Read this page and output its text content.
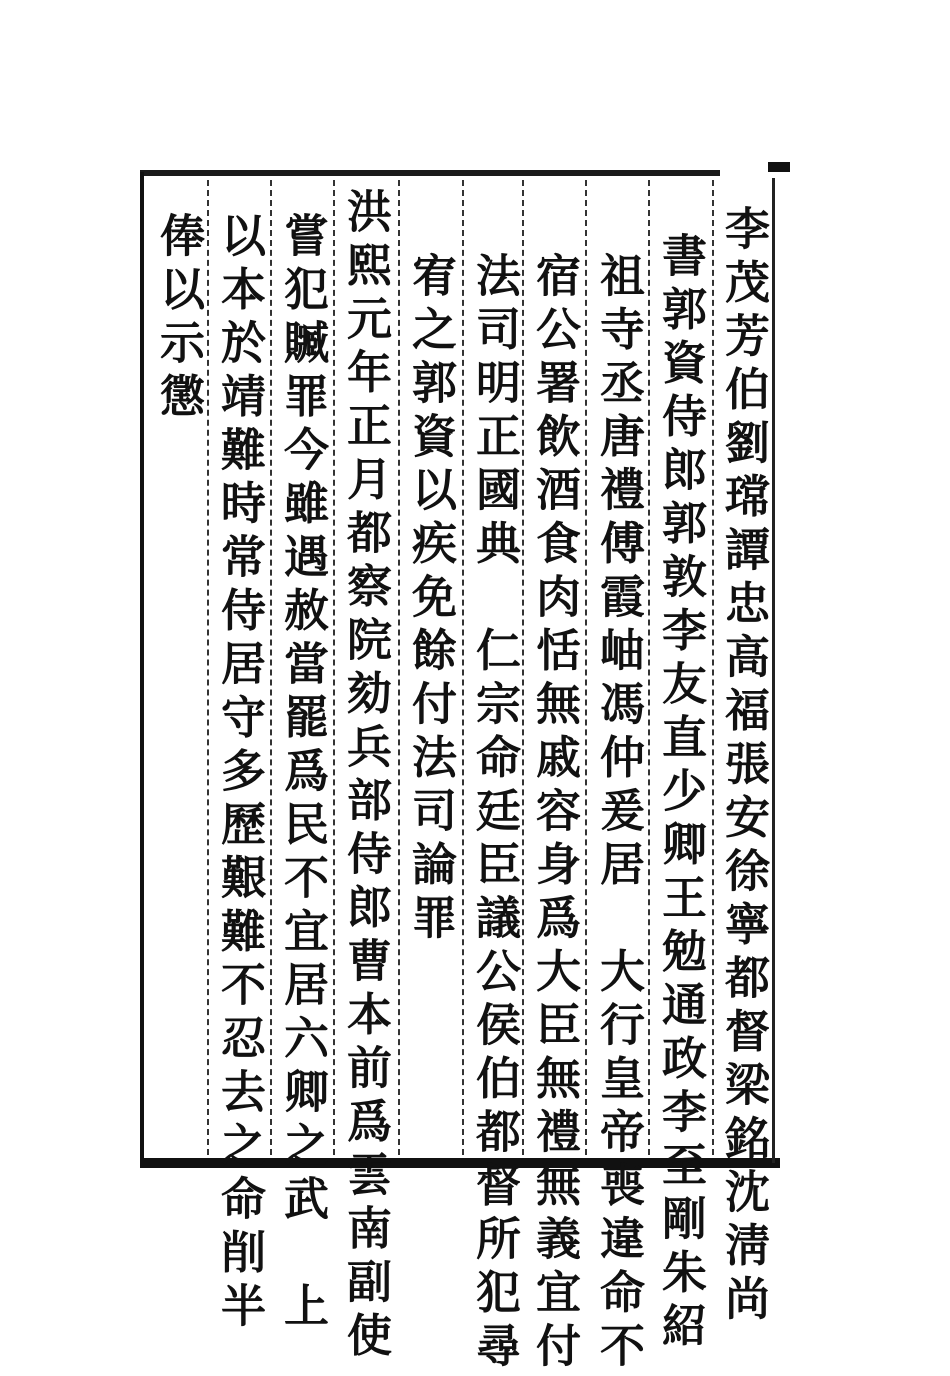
李茂芳伯劉瑺譚忠高福張安徐寧都督梁銘沈淸尚
書郭資侍郎郭敦李友直少卿王勉通政李至剛朱紹
祖寺丞唐禮傅霞岫馮仲爰居　大行皇帝喪違命不
宿公署飲酒食肉恬無戚容身爲大臣無禮無義宜付
法司明正國典　仁宗命廷臣議公侯伯都督所犯尋
宥之郭資以疾免餘付法司論罪
洪熙元年正月都察院劾兵部侍郎曹本前爲雲南副使
嘗犯贓罪今雖遇赦當罷爲民不宜居六卿之武　上
以本於靖難時常侍居守多歷艱難不忍去之命削半
俸以示懲
